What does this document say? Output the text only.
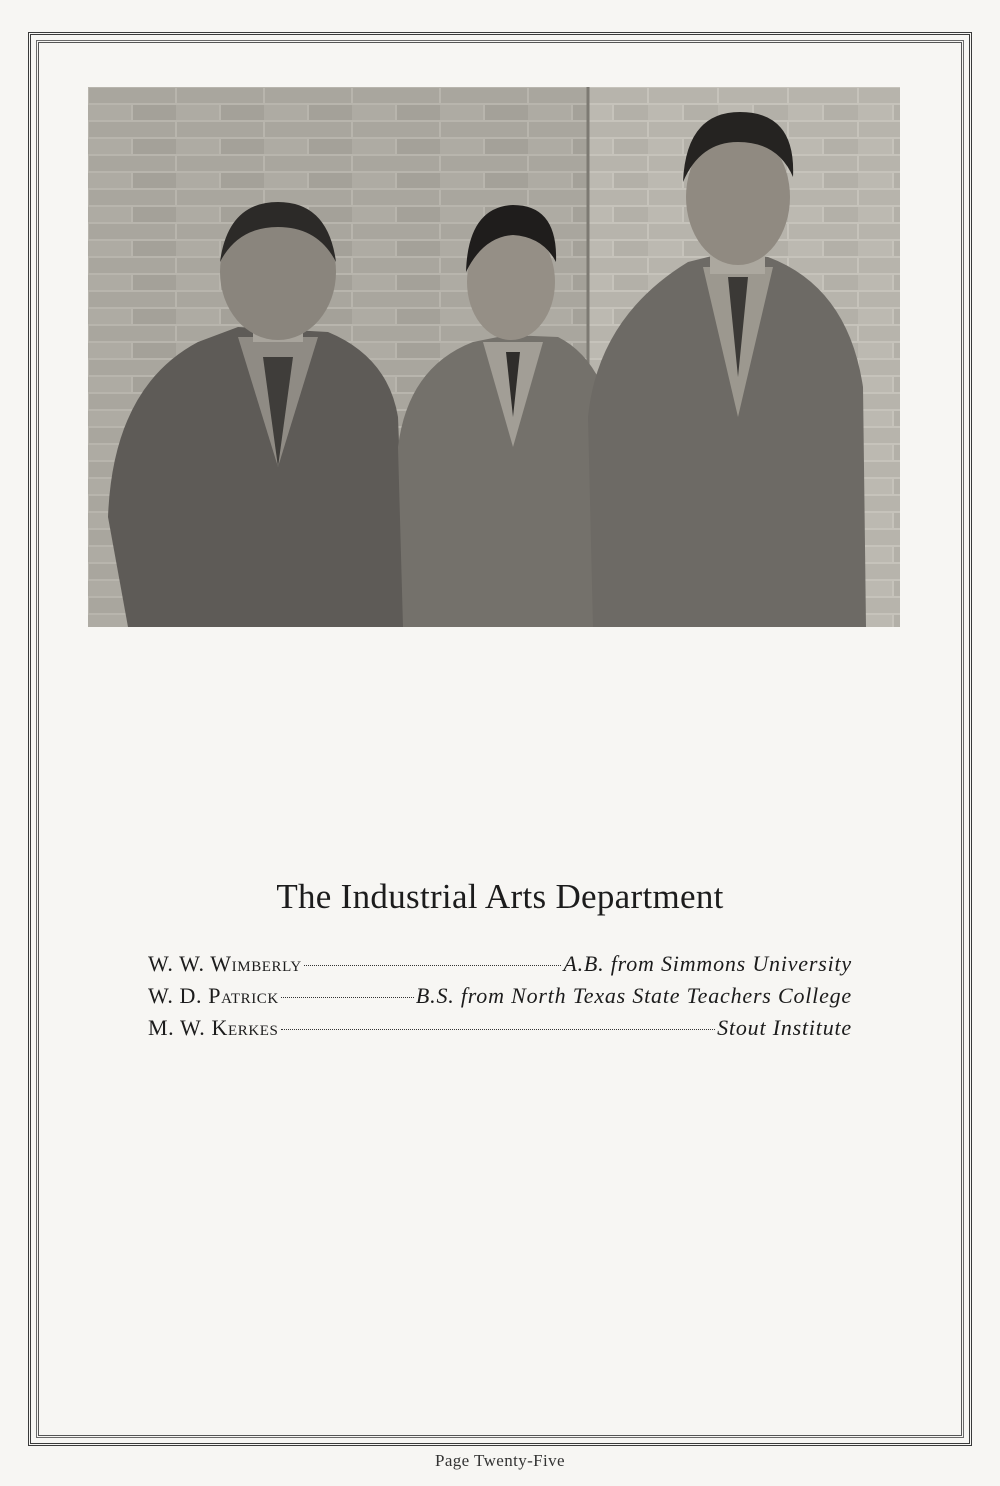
The Industrial Arts Department
W. W. Wimberly	A.B. from Simmons University
W. D. Patrick	B.S. from North Texas State Teachers College
M. W. Kerkes	Stout Institute
Page Twenty-Five
